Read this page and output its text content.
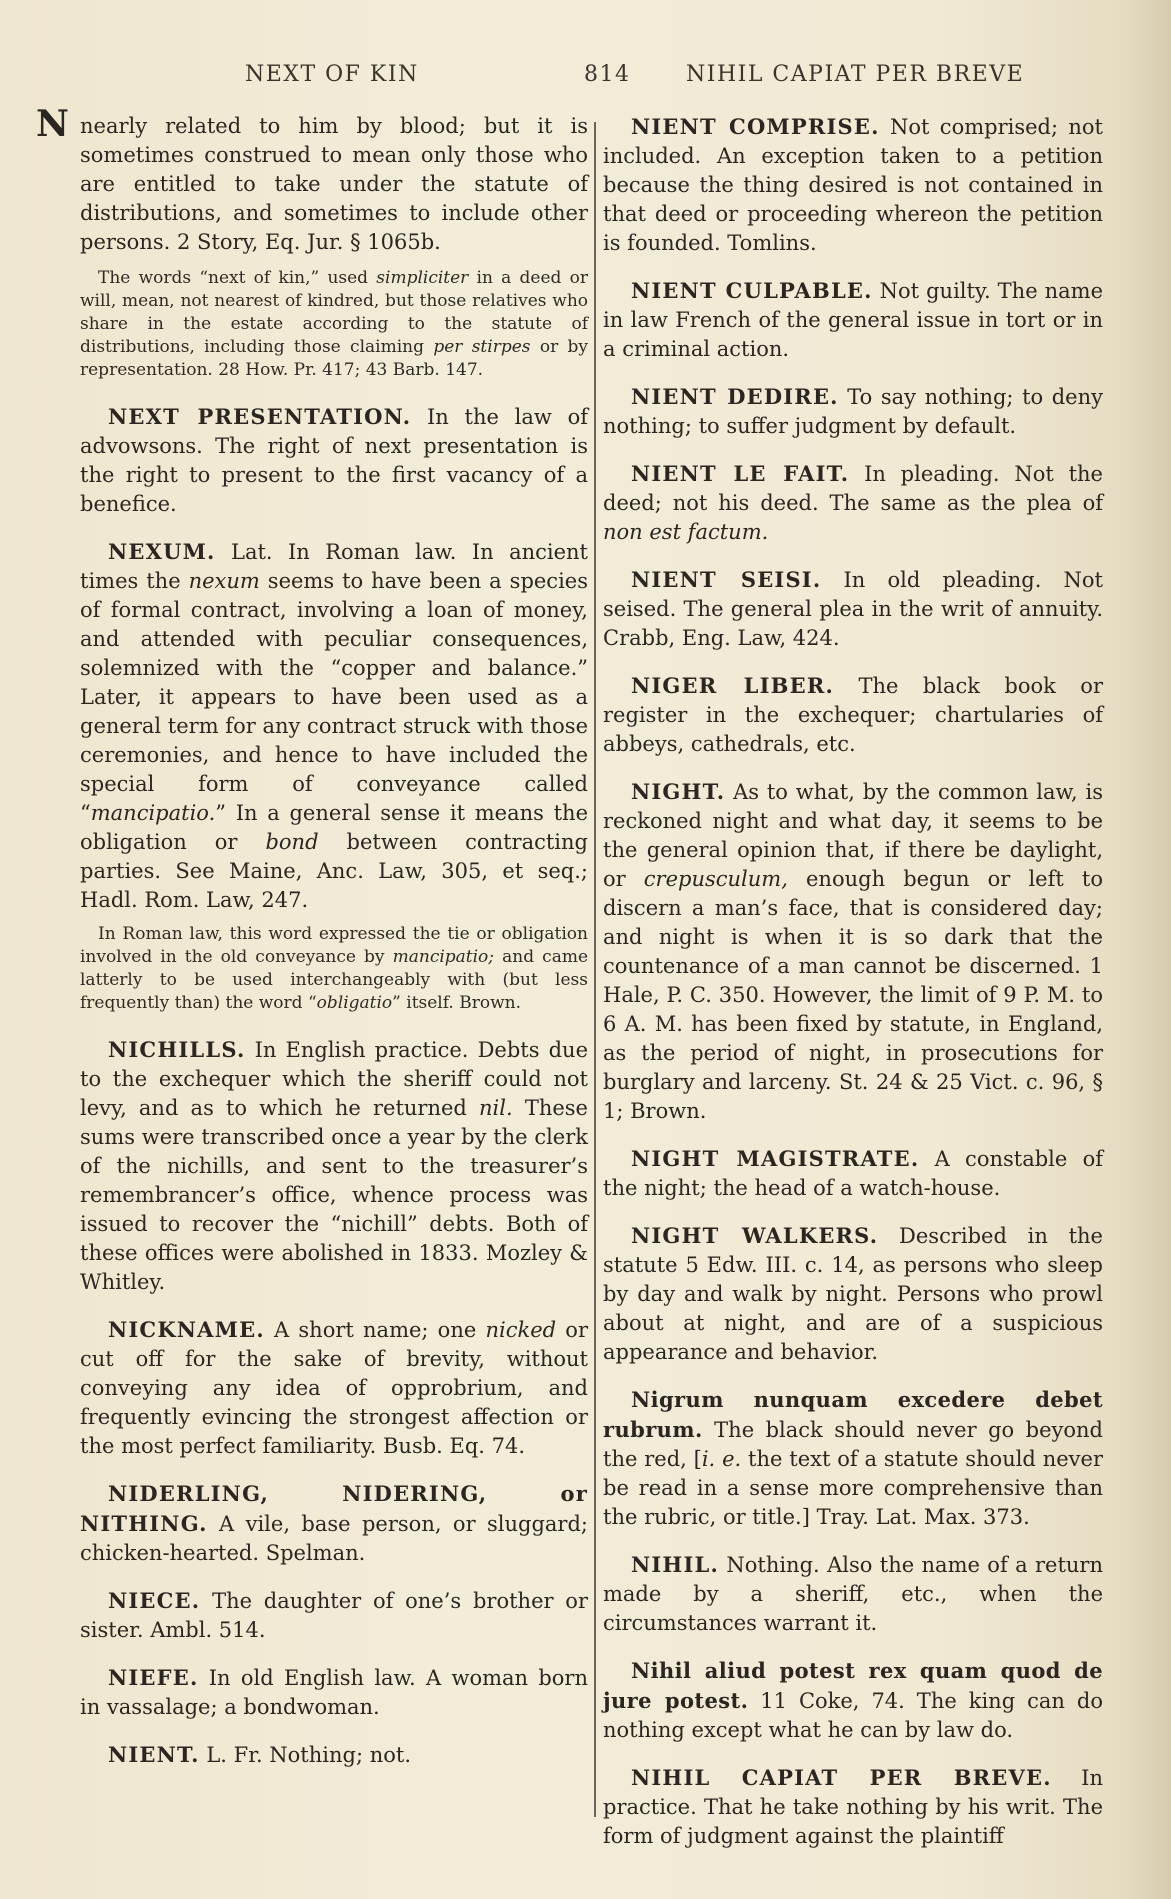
NEXT OF KIN	814	NIHIL CAPIAT PER BREVE
N nearly related to him by blood; but it is sometimes construed to mean only those who are entitled to take under the statute of distributions, and sometimes to include other persons. 2 Story, Eq. Jur. § 1065b.

The words “next of kin,” used simpliciter in a deed or will, mean, not nearest of kindred, but those relatives who share in the estate according to the statute of distributions, including those claiming per stirpes or by representation. 28 How. Pr. 417; 43 Barb. 147.

NEXT PRESENTATION. In the law of advowsons. The right of next presentation is the right to present to the first vacancy of a benefice.

NEXUM. Lat. In Roman law. In ancient times the nexum seems to have been a species of formal contract, involving a loan of money, and attended with peculiar consequences, solemnized with the “copper and balance.” Later, it appears to have been used as a general term for any contract struck with those ceremonies, and hence to have included the special form of conveyance called “mancipatio.” In a general sense it means the obligation or bond between contracting parties. See Maine, Anc. Law, 305, et seq.; Hadl. Rom. Law, 247.

In Roman law, this word expressed the tie or obligation involved in the old conveyance by mancipatio; and came latterly to be used interchangeably with (but less frequently than) the word “obligatio” itself. Brown.

NICHILLS. In English practice. Debts due to the exchequer which the sheriff could not levy, and as to which he returned nil. These sums were transcribed once a year by the clerk of the nichills, and sent to the treasurer’s remembrancer’s office, whence process was issued to recover the “nichill” debts. Both of these offices were abolished in 1833. Mozley & Whitley.

NICKNAME. A short name; one nicked or cut off for the sake of brevity, without conveying any idea of opprobrium, and frequently evincing the strongest affection or the most perfect familiarity. Busb. Eq. 74.

NIDERLING, NIDERING, or NITHING. A vile, base person, or sluggard; chicken-hearted. Spelman.

NIECE. The daughter of one’s brother or sister. Ambl. 514.

NIEFE. In old English law. A woman born in vassalage; a bondwoman.

NIENT. L. Fr. Nothing; not.

NIENT COMPRISE. Not comprised; not included. An exception taken to a petition because the thing desired is not contained in that deed or proceeding whereon the petition is founded. Tomlins.

NIENT CULPABLE. Not guilty. The name in law French of the general issue in tort or in a criminal action.

NIENT DEDIRE. To say nothing; to deny nothing; to suffer judgment by default.

NIENT LE FAIT. In pleading. Not the deed; not his deed. The same as the plea of non est factum.

NIENT SEISI. In old pleading. Not seised. The general plea in the writ of annuity. Crabb, Eng. Law, 424.

NIGER LIBER. The black book or register in the exchequer; chartularies of abbeys, cathedrals, etc.

NIGHT. As to what, by the common law, is reckoned night and what day, it seems to be the general opinion that, if there be daylight, or crepusculum, enough begun or left to discern a man’s face, that is considered day; and night is when it is so dark that the countenance of a man cannot be discerned. 1 Hale, P. C. 350. However, the limit of 9 P. M. to 6 A. M. has been fixed by statute, in England, as the period of night, in prosecutions for burglary and larceny. St. 24 & 25 Vict. c. 96, § 1; Brown.

NIGHT MAGISTRATE. A constable of the night; the head of a watch-house.

NIGHT WALKERS. Described in the statute 5 Edw. III. c. 14, as persons who sleep by day and walk by night. Persons who prowl about at night, and are of a suspicious appearance and behavior.

Nigrum nunquam excedere debet rubrum. The black should never go beyond the red, [i. e. the text of a statute should never be read in a sense more comprehensive than the rubric, or title.] Tray. Lat. Max. 373.

NIHIL. Nothing. Also the name of a return made by a sheriff, etc., when the circumstances warrant it.

Nihil aliud potest rex quam quod de jure potest. 11 Coke, 74. The king can do nothing except what he can by law do.

NIHIL CAPIAT PER BREVE. In practice. That he take nothing by his writ. The form of judgment against the plaintiff
